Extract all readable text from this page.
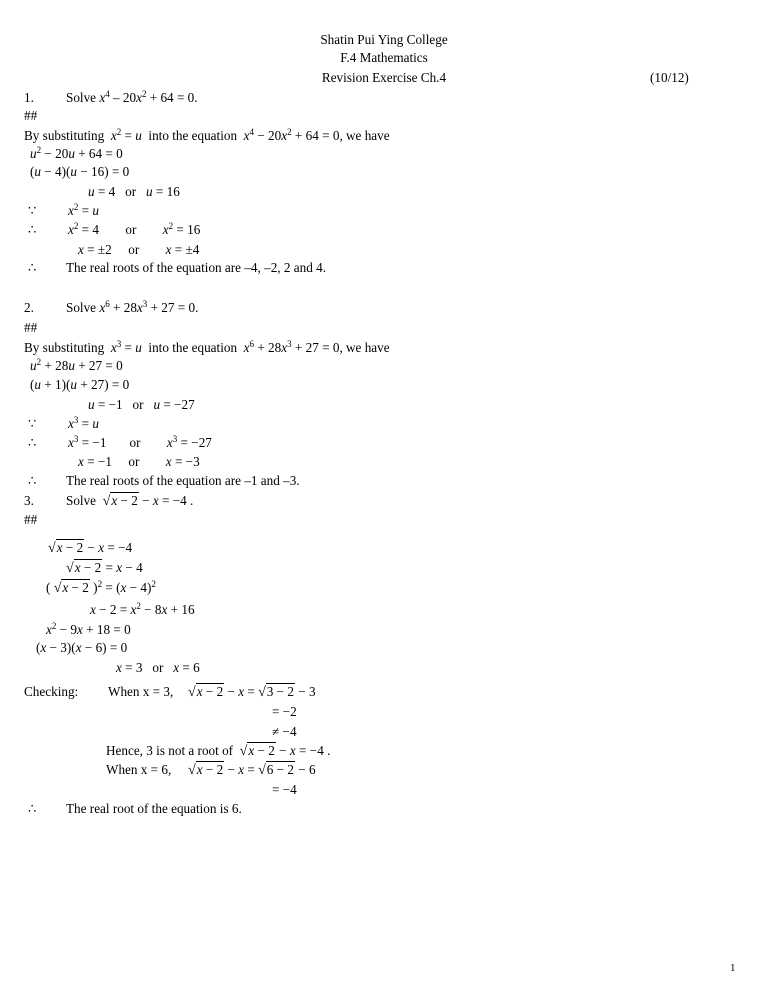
Shatin Pui Ying College
F.4 Mathematics
Revision Exercise Ch.4	(10/12)
1. Solve $x^4 - 20x^2 + 64 = 0$.
##
By substituting $x^2 = u$ into the equation $x^4 - 20x^2 + 64 = 0$, we have
$u^2 - 20u + 64 = 0$
(u − 4)(u − 16) = 0
u = 4   or u = 16
∵ $x^2 = u$
∴ $x^2 = 4$        or $x^2 = 16$
x = ±2     or x = ±4
∴ The real roots of the equation are –4, –2, 2 and 4.
2. Solve $x^6 + 28x^3 + 27 = 0$.
##
By substituting $x^3 = u$ into the equation $x^6 + 28x^3 + 27 = 0$, we have
$u^2 + 28u + 27 = 0$
(u + 1)(u + 27) = 0
u = −1   or u = −27
∵ $x^3 = u$
∴ $x^3 = -1$       or $x^3 = -27$
x = −1     or x = −3
∴ The real roots of the equation are –1 and –3.
3. Solve √x − 2 − x = −4 .
##
√x − 2 − x = −4
√x − 2 = x − 4
( √x − 2 )$^2 = (x - 4)^2$
$x - 2 = x^2 - 8x + 16$
$x^2 - 9x + 18 = 0$
(x − 3)(x − 6) = 0
x = 3   or x = 6
Checking: When x = 3, √x − 2 − x = √3 − 2 − 3
= −2
≠ −4
Hence, 3 is not a root of √x − 2 − x = −4 .
When x = 6, √x − 2 − x = √6 − 2 − 6
= −4
∴ The real root of the equation is 6.
1
